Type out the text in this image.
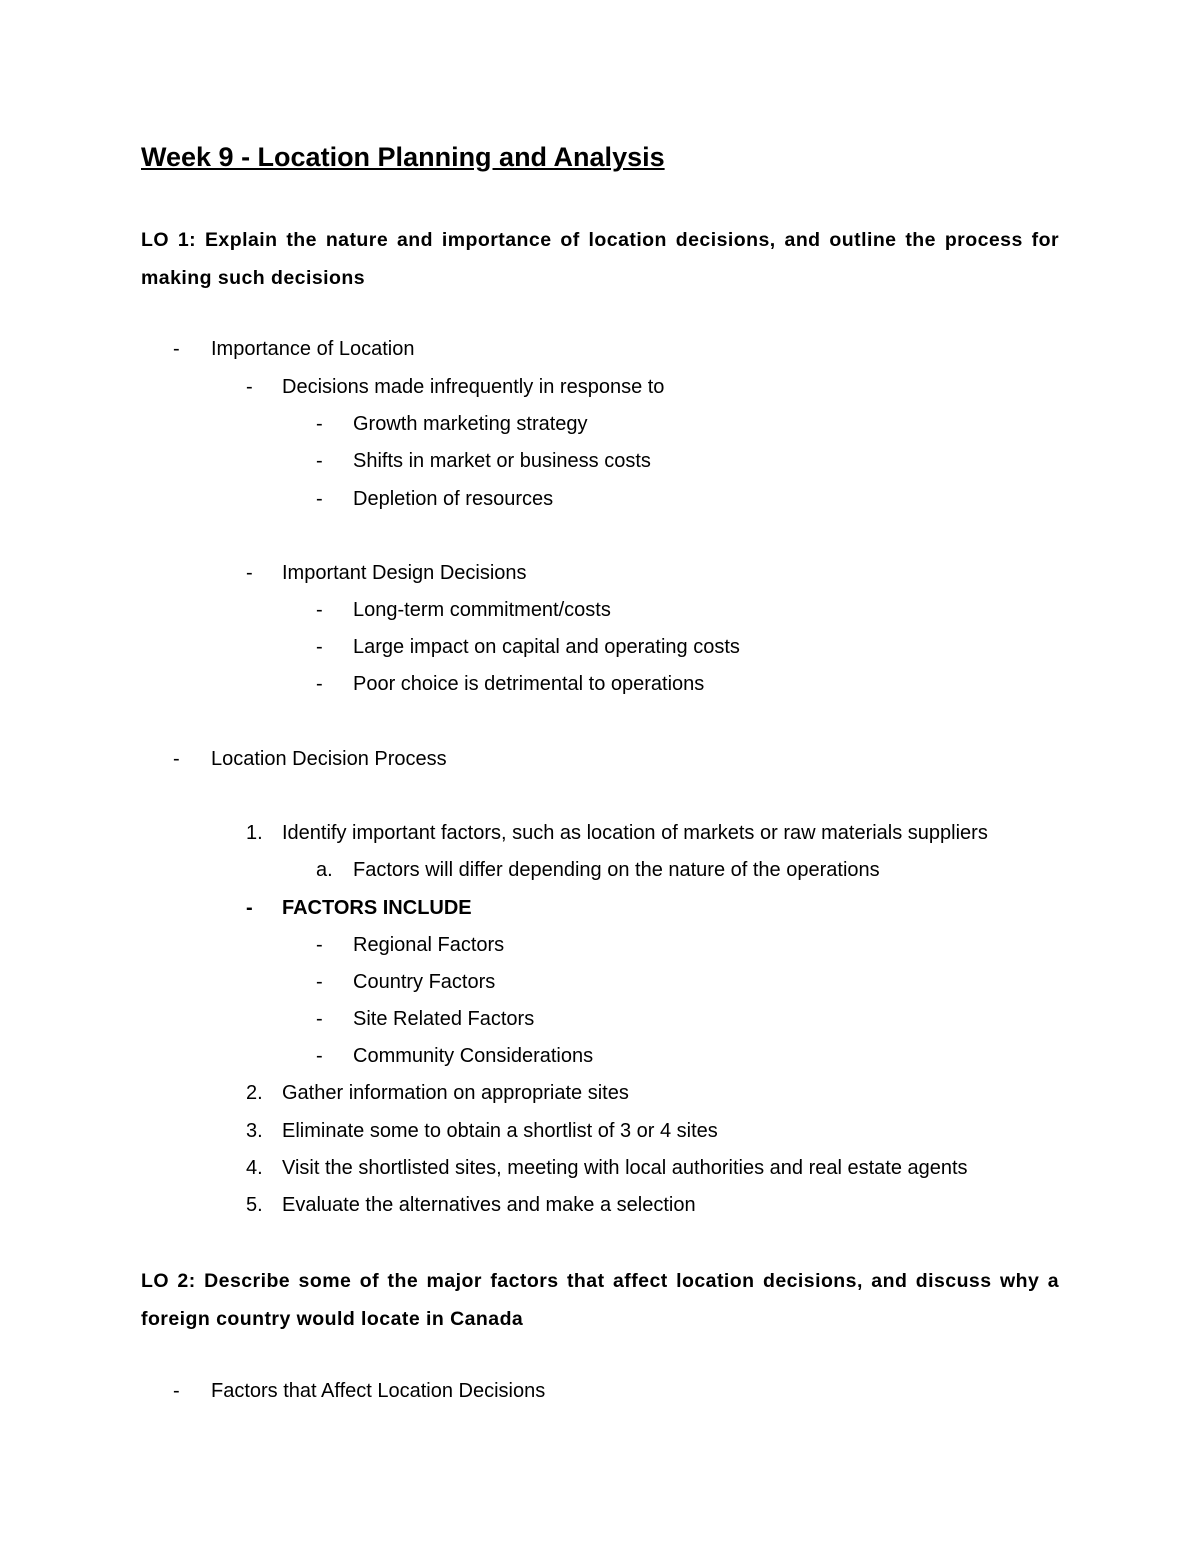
Week 9 - Location Planning and Analysis
LO 1: Explain the nature and importance of location decisions, and outline the process for making such decisions
- Importance of Location
- Decisions made infrequently in response to
- Growth marketing strategy
- Shifts in market or business costs
- Depletion of resources
- Important Design Decisions
- Long-term commitment/costs
- Large impact on capital and operating costs
- Poor choice is detrimental to operations
- Location Decision Process
1. Identify important factors, such as location of markets or raw materials suppliers
a. Factors will differ depending on the nature of the operations
- FACTORS INCLUDE
- Regional Factors
- Country Factors
- Site Related Factors
- Community Considerations
2. Gather information on appropriate sites
3. Eliminate some to obtain a shortlist of 3 or 4 sites
4. Visit the shortlisted sites, meeting with local authorities and real estate agents
5. Evaluate the alternatives and make a selection
LO 2: Describe some of the major factors that affect location decisions, and discuss why a foreign country would locate in Canada
- Factors that Affect Location Decisions
